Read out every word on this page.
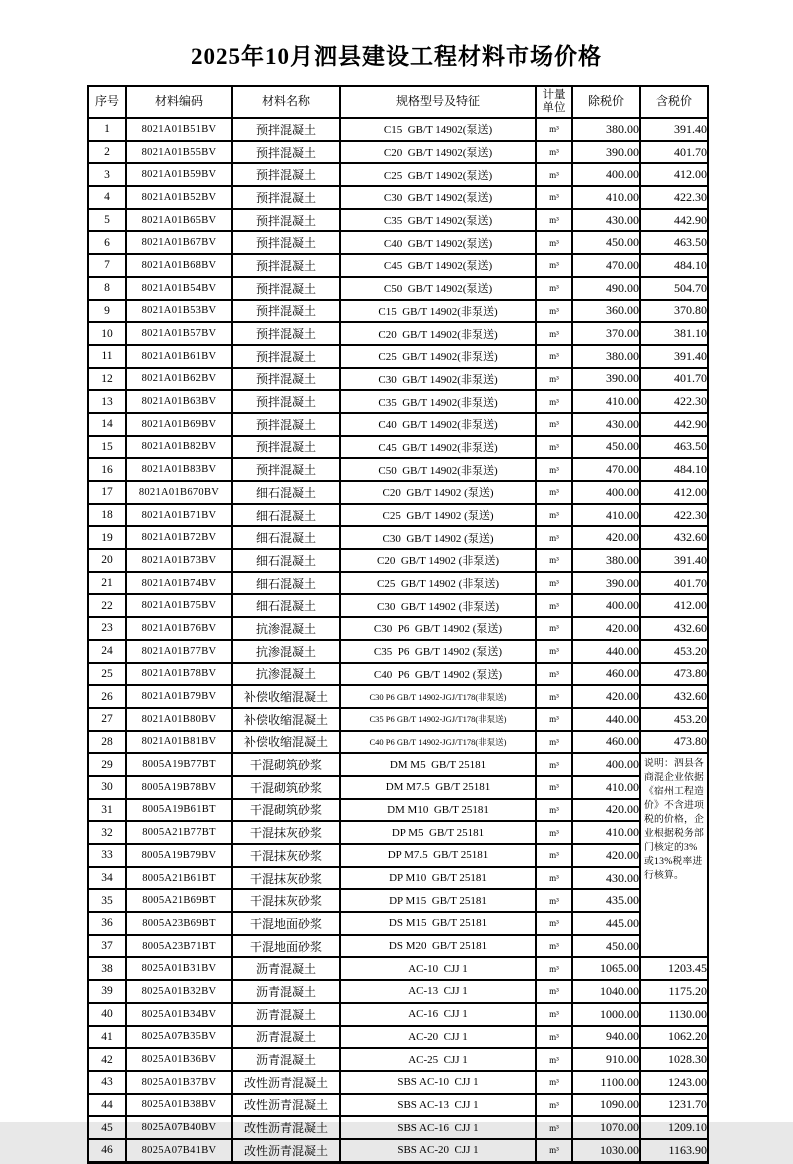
2025年10月泗县建设工程材料市场价格
序号	材料编码	材料名称	规格型号及特征	计量单位	除税价	含税价
1	8021A01B51BV	预拌混凝土	C15  GB/T 14902(泵送)	m³	380.00	391.40
2	8021A01B55BV	预拌混凝土	C20  GB/T 14902(泵送)	m³	390.00	401.70
3	8021A01B59BV	预拌混凝土	C25  GB/T 14902(泵送)	m³	400.00	412.00
4	8021A01B52BV	预拌混凝土	C30  GB/T 14902(泵送)	m³	410.00	422.30
5	8021A01B65BV	预拌混凝土	C35  GB/T 14902(泵送)	m³	430.00	442.90
6	8021A01B67BV	预拌混凝土	C40  GB/T 14902(泵送)	m³	450.00	463.50
7	8021A01B68BV	预拌混凝土	C45  GB/T 14902(泵送)	m³	470.00	484.10
8	8021A01B54BV	预拌混凝土	C50  GB/T 14902(泵送)	m³	490.00	504.70
9	8021A01B53BV	预拌混凝土	C15  GB/T 14902(非泵送)	m³	360.00	370.80
10	8021A01B57BV	预拌混凝土	C20  GB/T 14902(非泵送)	m³	370.00	381.10
11	8021A01B61BV	预拌混凝土	C25  GB/T 14902(非泵送)	m³	380.00	391.40
12	8021A01B62BV	预拌混凝土	C30  GB/T 14902(非泵送)	m³	390.00	401.70
13	8021A01B63BV	预拌混凝土	C35  GB/T 14902(非泵送)	m³	410.00	422.30
14	8021A01B69BV	预拌混凝土	C40  GB/T 14902(非泵送)	m³	430.00	442.90
15	8021A01B82BV	预拌混凝土	C45  GB/T 14902(非泵送)	m³	450.00	463.50
16	8021A01B83BV	预拌混凝土	C50  GB/T 14902(非泵送)	m³	470.00	484.10
17	8021A01B670BV	细石混凝土	C20  GB/T 14902 (泵送)	m³	400.00	412.00
18	8021A01B71BV	细石混凝土	C25  GB/T 14902 (泵送)	m³	410.00	422.30
19	8021A01B72BV	细石混凝土	C30  GB/T 14902 (泵送)	m³	420.00	432.60
20	8021A01B73BV	细石混凝土	C20  GB/T 14902 (非泵送)	m³	380.00	391.40
21	8021A01B74BV	细石混凝土	C25  GB/T 14902 (非泵送)	m³	390.00	401.70
22	8021A01B75BV	细石混凝土	C30  GB/T 14902 (非泵送)	m³	400.00	412.00
23	8021A01B76BV	抗渗混凝土	C30  P6  GB/T 14902 (泵送)	m³	420.00	432.60
24	8021A01B77BV	抗渗混凝土	C35  P6  GB/T 14902 (泵送)	m³	440.00	453.20
25	8021A01B78BV	抗渗混凝土	C40  P6  GB/T 14902 (泵送)	m³	460.00	473.80
26	8021A01B79BV	补偿收缩混凝土	C30 P6 GB/T 14902-JGJ/T178(非泵送)	m³	420.00	432.60
27	8021A01B80BV	补偿收缩混凝土	C35 P6 GB/T 14902-JGJ/T178(非泵送)	m³	440.00	453.20
28	8021A01B81BV	补偿收缩混凝土	C40 P6 GB/T 14902-JGJ/T178(非泵送)	m³	460.00	473.80
29	8005A19B77BT	干混砌筑砂浆	DM M5  GB/T 25181	m³	400.00	说明：泗县各商混企业依据《宿州工程造价》不含进项税的价格，企业根据税务部门核定的3%或13%税率进行核算。
30	8005A19B78BV	干混砌筑砂浆	DM M7.5  GB/T 25181	m³	410.00	
31	8005A19B61BT	干混砌筑砂浆	DM M10  GB/T 25181	m³	420.00	
32	8005A21B77BT	干混抹灰砂浆	DP M5  GB/T 25181	m³	410.00	
33	8005A19B79BV	干混抹灰砂浆	DP M7.5  GB/T 25181	m³	420.00	
34	8005A21B61BT	干混抹灰砂浆	DP M10  GB/T 25181	m³	430.00	
35	8005A21B69BT	干混抹灰砂浆	DP M15  GB/T 25181	m³	435.00	
36	8005A23B69BT	干混地面砂浆	DS M15  GB/T 25181	m³	445.00	
37	8005A23B71BT	干混地面砂浆	DS M20  GB/T 25181	m³	450.00	
38	8025A01B31BV	沥青混凝土	AC-10  CJJ 1	m³	1065.00	1203.45
39	8025A01B32BV	沥青混凝土	AC-13  CJJ 1	m³	1040.00	1175.20
40	8025A01B34BV	沥青混凝土	AC-16  CJJ 1	m³	1000.00	1130.00
41	8025A07B35BV	沥青混凝土	AC-20  CJJ 1	m³	940.00	1062.20
42	8025A01B36BV	沥青混凝土	AC-25  CJJ 1	m³	910.00	1028.30
43	8025A01B37BV	改性沥青混凝土	SBS AC-10  CJJ 1	m³	1100.00	1243.00
44	8025A01B38BV	改性沥青混凝土	SBS AC-13  CJJ 1	m³	1090.00	1231.70
45	8025A07B40BV	改性沥青混凝土	SBS AC-16  CJJ 1	m³	1070.00	1209.10
46	8025A07B41BV	改性沥青混凝土	SBS AC-20  CJJ 1	m³	1030.00	1163.90
